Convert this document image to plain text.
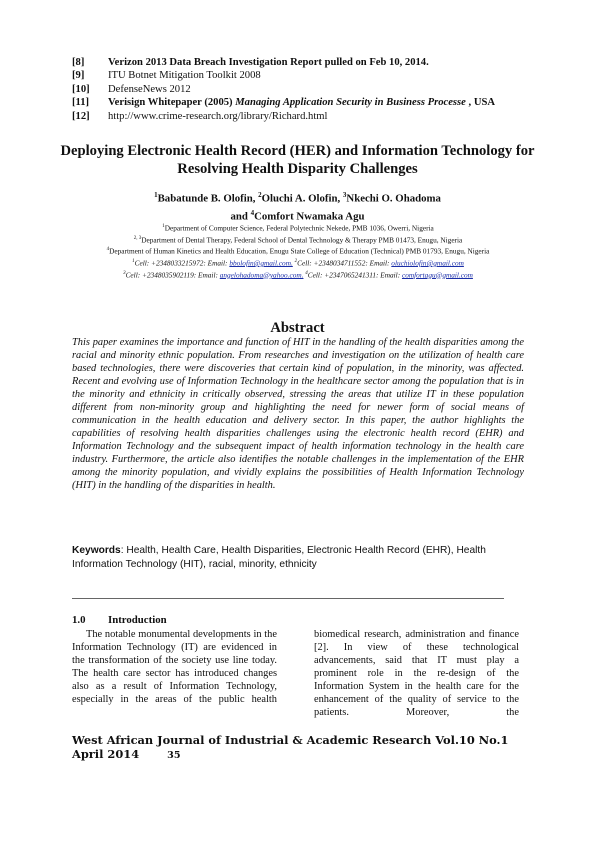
[8]	Verizon 2013 Data Breach Investigation Report pulled on Feb 10, 2014.
[9]	ITU Botnet Mitigation Toolkit 2008
[10]	DefenseNews 2012
[11]	Verisign Whitepaper (2005) Managing Application Security in Business Processe , USA
[12]	http://www.crime-research.org/library/Richard.html
Deploying Electronic Health Record (HER) and Information Technology for Resolving Health Disparity Challenges
$^1$Babatunde B. Olofin, $^2$Oluchi A. Olofin, $^3$Nkechi O. Ohadoma
and $^4$Comfort Nwamaka Agu
$^1$Department of Computer Science, Federal Polytechnic Nekede, PMB 1036, Owerri, Nigeria
$^{2, 3}$Department of Dental Therapy, Federal School of Dental Technology & Therapy PMB 01473, Enugu, Nigeria
$^4$Department of Human Kinetics and Health Education, Enugu State College of Education (Technical) PMB 01793, Enugu, Nigeria
$^1$Cell: +2348033215972: Email: bbolofin@gmail.com. $^2$Cell: +2348034711552: Email: oluchiolofin@gmail.com
$^3$Cell: +2348035902119: Email: angelohadoma@yahoo.com. $^4$Cell: +2347065241311: Email: comfortagu@gmail.com
Abstract
This paper examines the importance and function of HIT in the handling of the health disparities among the racial and minority ethnic population. From researches and investigation on the utilization of health care based technologies, there were discoveries that certain kind of population, in the minority, was affected. Recent and evolving use of Information Technology in the healthcare sector among the population that is in the minority and ethnicity in critically observed, stressing the areas that utilize IT in these population different from non-minority group and highlighting the need for newer form of social means of communication in the health education and delivery sector. In this paper, the author highlights the capabilities of resolving health disparities challenges using the electronic health record (EHR) and Information Technology and the subsequent impact of health information technology in the health care industry. Furthermore, the article also identifies the notable challenges in the implementation of the EHR among the minority population, and vividly explains the possibilities of Health Information Technology (HIT) in the handling of the disparities in health.
Keywords: Health, Health Care, Health Disparities, Electronic Health Record (EHR), Health Information Technology (HIT), racial, minority, ethnicity
1.0 Introduction
The notable monumental developments in the Information Technology (IT) are evidenced in the transformation of the society use line today. The health care sector has introduced changes also as a result of Information Technology, especially in the areas of the public health
biomedical research, administration and finance [2]. In view of these technological advancements, said that IT must play a prominent role in the re-design of the Information System in the health care for the enhancement of the quality of service to the patients. Moreover, the
West African Journal of Industrial & Academic Research Vol.10 No.1 April 2014	35
